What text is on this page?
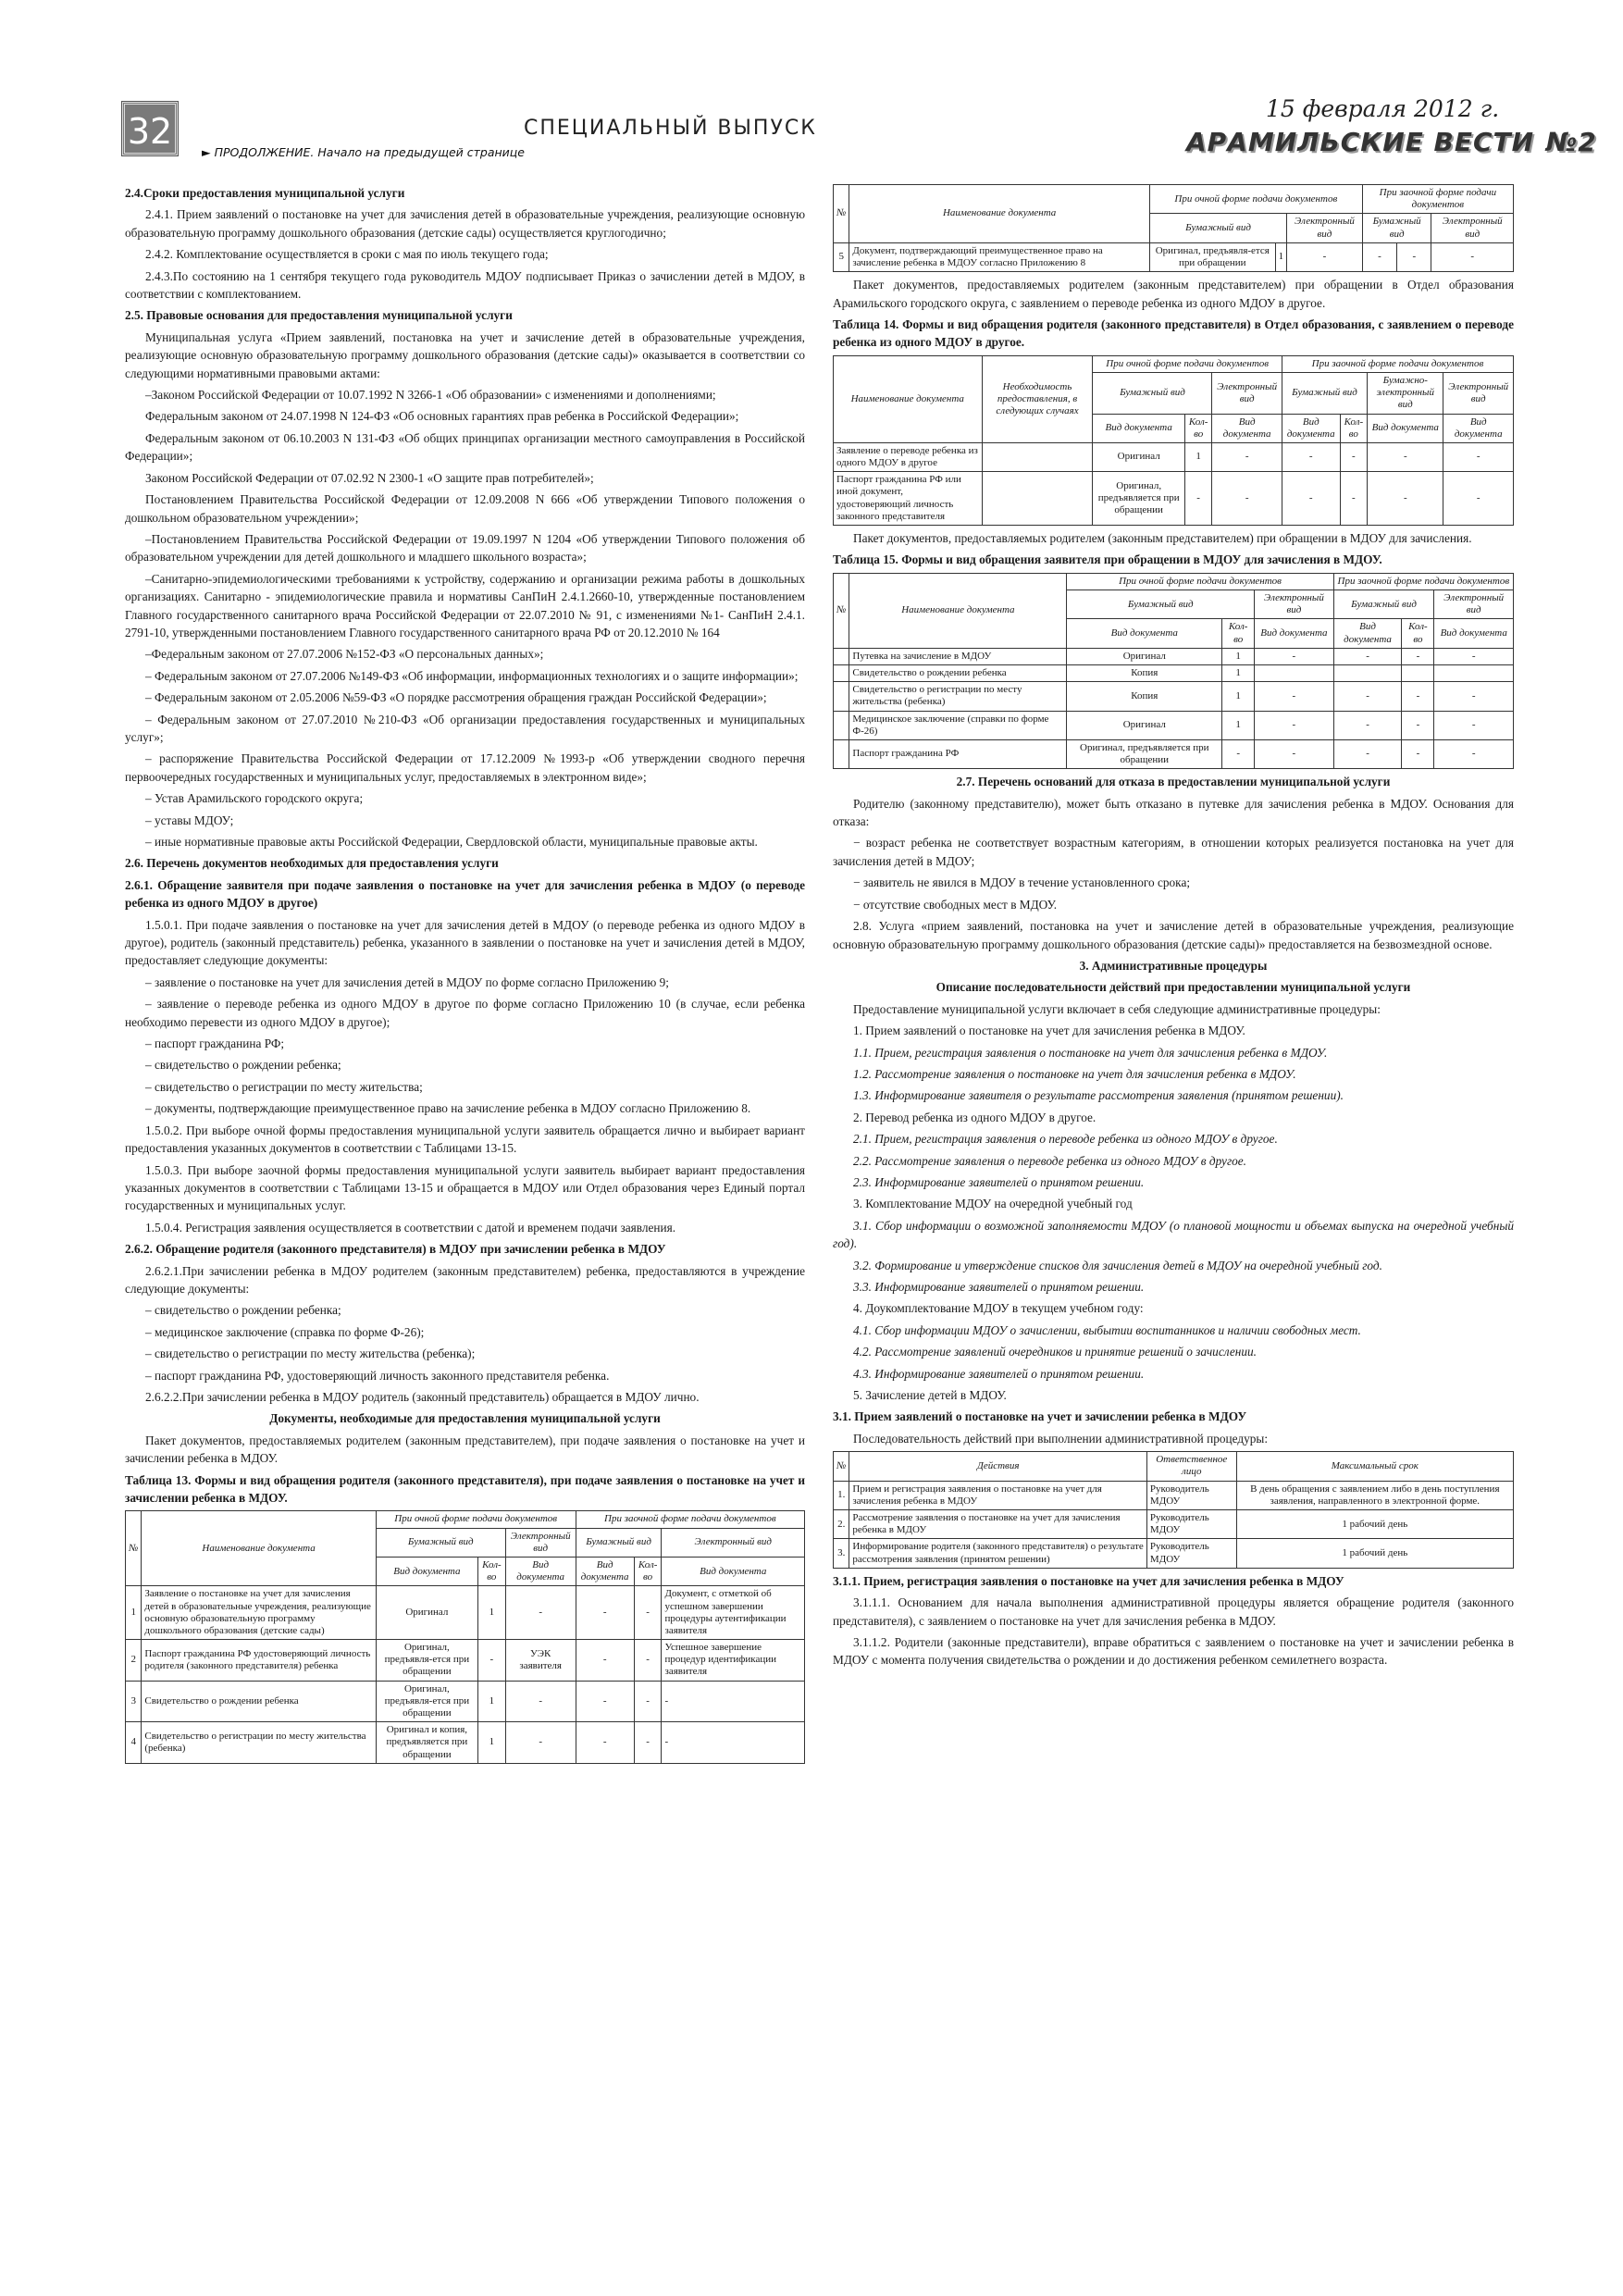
32	СПЕЦИАЛЬНЫЙ ВЫПУСК
► ПРОДОЛЖЕНИЕ. Начало на предыдущей странице
15 февраля 2012 г.
АРАМИЛЬСКИЕ ВЕСТИ №2

2.4.Сроки предоставления муниципальной услуги

2.4.1. Прием заявлений о постановке на учет для зачисления детей в образовательные учреждения, реализующие основную образовательную программу дошкольного образования (детские сады) осуществляется круглогодично;

2.4.2. Комплектование осуществляется в сроки с мая по июль текущего года;

2.4.3.По состоянию на 1 сентября текущего года руководитель МДОУ подписывает Приказ о зачислении детей в МДОУ, в соответствии с комплектованием.

2.5. Правовые основания для предоставления муниципальной услуги

Муниципальная услуга «Прием заявлений, постановка на учет и зачисление детей в образовательные учреждения, реализующие основную образовательную программу дошкольного образования (детские сады)» оказывается в соответствии со следующими нормативными правовыми актами:

–Законом Российской Федерации от 10.07.1992 N 3266-1 «Об образовании» с изменениями и дополнениями;

Федеральным законом от 24.07.1998 N 124-ФЗ «Об основных гарантиях прав ребенка в Российской Федерации»;

Федеральным законом от 06.10.2003 N 131-ФЗ «Об общих принципах организации местного самоуправления в Российской Федерации»;

Законом Российской Федерации от 07.02.92 N 2300-1 «О защите прав потребителей»;

Постановлением Правительства Российской Федерации от 12.09.2008 N 666 «Об утверждении Типового положения о дошкольном образовательном учреждении»;

–Постановлением Правительства Российской Федерации от 19.09.1997 N 1204 «Об утверждении Типового положения об образовательном учреждении для детей дошкольного и младшего школьного возраста»;

–Санитарно-эпидемиологическими требованиями к устройству, содержанию и организации режима работы в дошкольных организациях. Санитарно - эпидемиологические правила и нормативы СанПиН 2.4.1.2660-10, утвержденные постановлением Главного государственного санитарного врача Российской Федерации от 22.07.2010 № 91, с изменениями №1- СанПиН 2.4.1. 2791-10, утвержденными постановлением Главного государственного санитарного врача РФ от 20.12.2010 № 164

–Федеральным законом от 27.07.2006 №152-ФЗ «О персональных данных»;

– Федеральным законом от 27.07.2006 №149-ФЗ «Об информации, информационных технологиях и о защите информации»;

– Федеральным законом от 2.05.2006 №59-ФЗ «О порядке рассмотрения обращения граждан Российской Федерации»;

– Федеральным законом от 27.07.2010 №210-ФЗ «Об организации предоставления государственных и муниципальных услуг»;

– распоряжение Правительства Российской Федерации от 17.12.2009 №1993-р «Об утверждении сводного перечня первоочередных государственных и муниципальных услуг, предоставляемых в электронном виде»;

– Устав Арамильского городского округа;

– уставы МДОУ;

– иные нормативные правовые акты Российской Федерации, Свердловской области, муниципальные правовые акты.

2.6. Перечень документов необходимых для предоставления услуги

2.6.1. Обращение заявителя при подаче заявления о постановке на учет для зачисления ребенка в МДОУ (о переводе ребенка из одного МДОУ в другое)

1.5.0.1. При подаче заявления о постановке на учет для зачисления детей в МДОУ (о переводе ребенка из одного МДОУ в другое), родитель (законный представитель) ребенка, указанного в заявлении о постановке на учет и зачисления детей в МДОУ, предоставляет следующие документы:

– заявление о постановке на учет для зачисления детей в МДОУ по форме согласно Приложению 9;

– заявление о переводе ребенка из одного МДОУ в другое по форме согласно Приложению 10 (в случае, если ребенка необходимо перевести из одного МДОУ в другое);

– паспорт гражданина РФ;

– свидетельство о рождении ребенка;

– свидетельство о регистрации по месту жительства;

– документы, подтверждающие преимущественное право на зачисление ребенка в МДОУ согласно Приложению 8.

1.5.0.2. При выборе очной формы предоставления муниципальной услуги заявитель обращается лично и выбирает вариант предоставления указанных документов в соответствии с Таблицами 13-15.

1.5.0.3. При выборе заочной формы предоставления муниципальной услуги заявитель выбирает вариант предоставления указанных документов в соответствии с Таблицами 13-15 и обращается в МДОУ или Отдел образования через Единый портал государственных и муниципальных услуг.

1.5.0.4. Регистрация заявления осуществляется в соответствии с датой и временем подачи заявления.

2.6.2. Обращение родителя (законного представителя) в МДОУ при зачислении ребенка в МДОУ

2.6.2.1.При зачислении ребенка в МДОУ родителем (законным представителем) ребенка, предоставляются в учреждение следующие документы:

– свидетельство о рождении ребенка;

– медицинское заключение (справка по форме Ф-26);

– свидетельство о регистрации по месту жительства (ребенка);

– паспорт гражданина РФ, удостоверяющий личность законного представителя ребенка.

2.6.2.2.При зачислении ребенка в МДОУ родитель (законный представитель) обращается в МДОУ лично.

Документы, необходимые для предоставления муниципальной услуги

Пакет документов, предоставляемых родителем (законным представителем), при подаче заявления о постановке на учет и зачислении ребенка в МДОУ.

Таблица 13. Формы и вид обращения родителя (законного представителя), при подаче заявления о постановке на учет и зачислении ребенка в МДОУ.

№	Наименование документа	При очной форме подачи документов			При заочной форме подачи документов		
		Бумажный вид		Электронный вид	Бумажный вид		Электронный вид
		Вид документа	Кол-во	Вид документа	Вид документа	Кол-во	Вид документа
1	Заявление о постановке на учет для зачисления детей в образовательные учреждения, реализующие основную образовательную программу дошкольного образования (детские сады)	Оригинал	1	-	-	-	Документ, с отметкой об успешном завершении процедуры аутентификации заявителя
2	Паспорт гражданина РФ удостоверяющий личность родителя (законного представителя) ребенка	Оригинал, предъявля-ется при обращении	-	УЭК заявителя	-	-	Успешное завершение процедур идентификации заявителя
3	Свидетельство о рождении ребенка	Оригинал, предъявля-ется при обращении	1	-	-	-	-
4	Свидетельство о регистрации по месту жительства (ребенка)	Оригинал и копия, предъявляется при обращении	1	-	-	-	-
№	Наименование документа	При очной форме подачи документов			При заочной форме подачи документов		
		Бумажный вид		Электронный вид	Бумажный вид		Электронный вид
5	Документ, подтверждающий преимущественное право на зачисление ребенка в МДОУ согласно Приложению 8	Оригинал, предъявля-ется при обращении	1	-	-	-	-

Пакет документов, предоставляемых родителем (законным представителем) при обращении в Отдел образования Арамильского городского округа, с заявлением о переводе ребенка из одного МДОУ в другое.

Таблица 14. Формы и вид обращения родителя (законного представителя) в Отдел образования, с заявлением о переводе ребенка из одного МДОУ в другое.

Наименование документа	Необходимость предоставления, в следующих случаях	При очной форме подачи документов			При заочной форме подачи документов			
		Бумажный вид		Электронный вид	Бумажный вид		Бумажно-электронный вид	Электронный вид
		Вид документа	Кол-во	Вид документа	Вид документа	Кол-во	Вид документа	Вид документа
Заявление о переводе ребенка из одного МДОУ в другое		Оригинал	1	-	-	-	-	-
Паспорт гражданина РФ или иной документ, удостоверяющий личность законного представителя		Оригинал, предъявляется при обращении	-	-	-	-	-	-

Пакет документов, предоставляемых родителем (законным представителем) при обращении в МДОУ для зачисления.

Таблица 15. Формы и вид обращения заявителя при обращении в МДОУ для зачисления в МДОУ.

№	Наименование документа	При очной форме подачи документов			При заочной форме подачи документов		
		Бумажный вид		Электронный вид	Бумажный вид		Электронный вид
		Вид документа	Кол-во	Вид документа	Вид документа	Кол-во	Вид документа
	Путевка на зачисление в МДОУ	Оригинал	1	-	-	-	-
	Свидетельство о рождении ребенка	Копия	1				
	Свидетельство о регистрации по месту жительства (ребенка)	Копия	1	-	-	-	-
	Медицинское заключение (справки по форме Ф-26)	Оригинал	1	-	-	-	-
	Паспорт гражданина РФ	Оригинал, предъявляется при обращении	-	-	-	-	-

2.7. Перечень оснований для отказа в предоставлении муниципальной услуги

Родителю (законному представителю), может быть отказано в путевке для зачисления ребенка в МДОУ. Основания для отказа:

− возраст ребенка не соответствует возрастным категориям, в отношении которых реализуется постановка на учет для зачисления детей в МДОУ;

− заявитель не явился в МДОУ в течение установленного срока;

− отсутствие свободных мест в МДОУ.

2.8. Услуга «прием заявлений, постановка на учет и зачисление детей в образовательные учреждения, реализующие основную образовательную программу дошкольного образования (детские сады)» предоставляется на безвозмездной основе.

3. Административные процедуры

Описание последовательности действий при предоставлении муниципальной услуги

Предоставление муниципальной услуги включает в себя следующие административные процедуры:

1. Прием заявлений о постановке на учет для зачисления ребенка в МДОУ.

1.1. Прием, регистрация заявления о постановке на учет для зачисления ребенка в МДОУ.

1.2. Рассмотрение заявления о постановке на учет для зачисления ребенка в МДОУ.

1.3. Информирование заявителя о результате рассмотрения заявления (принятом решении).

2. Перевод ребенка из одного МДОУ в другое.

2.1. Прием, регистрация заявления о переводе ребенка из одного МДОУ в другое.

2.2. Рассмотрение заявления о переводе ребенка из одного МДОУ в другое.

2.3. Информирование заявителей о принятом решении.

3. Комплектование МДОУ на очередной учебный год

3.1. Сбор информации о возможной заполняемости МДОУ (о плановой мощности и объемах выпуска на очередной учебный год).

3.2. Формирование и утверждение списков для зачисления детей в МДОУ на очередной учебный год.

3.3. Информирование заявителей о принятом решении.

4. Доукомплектование МДОУ в текущем учебном году:

4.1. Сбор информации МДОУ о зачислении, выбытии воспитанников и наличии свободных мест.

4.2. Рассмотрение заявлений очередников и принятие решений о зачислении.

4.3. Информирование заявителей о принятом решении.

5. Зачисление детей в МДОУ.

3.1. Прием заявлений о постановке на учет и зачислении ребенка в МДОУ

Последовательность действий при выполнении административной процедуры:

№	Действия	Ответственное лицо	Максимальный срок
1.	Прием и регистрация заявления о постановке на учет для зачисления ребенка в МДОУ	Руководитель МДОУ	В день обращения с заявлением либо в день поступления заявления, направленного в электронной форме.
2.	Рассмотрение заявления о постановке на учет для зачисления ребенка в МДОУ	Руководитель МДОУ	1 рабочий день
3.	Информирование родителя (законного представителя) о результате рассмотрения заявления (принятом решении)	Руководитель МДОУ	1 рабочий день

3.1.1. Прием, регистрация заявления о постановке на учет для зачисления ребенка в МДОУ

3.1.1.1. Основанием для начала выполнения административной процедуры является обращение родителя (законного представителя), с заявлением о постановке на учет для зачисления ребенка в МДОУ.

3.1.1.2. Родители (законные представители), вправе обратиться с заявлением о постановке на учет и зачислении ребенка в МДОУ с момента получения свидетельства о рождении и до достижения ребенком семилетнего возраста.
